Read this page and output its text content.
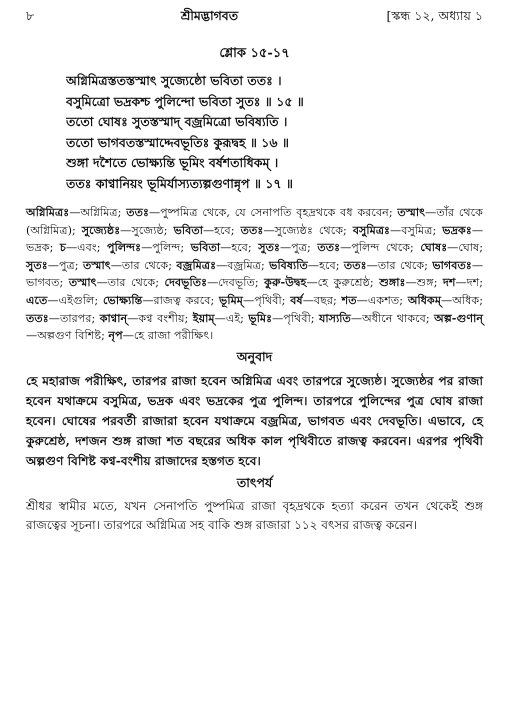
৮	শ্রীমদ্ভাগবত	[স্কন্ধ ১২, অধ্যায় ১
শ্লোক ১৫-১৭
অগ্নিমিত্রস্ততস্তস্মাৎ সুজ্যেষ্ঠো ভবিতা ততঃ ।
বসুমিত্রো ভদ্রকশ্চ পুলিন্দো ভবিতা সুতঃ ॥ ১৫ ॥
ততো ঘোষঃ সুতস্তস্মাদ্ বজ্রমিত্রো ভবিষ্যতি ।
ততো ভাগবতস্তস্মাদ্দেবভূতিঃ কুরূদ্বহ ॥ ১৬ ॥
শুঙ্গা দশৈতে ভোক্ষ্যন্তি ভূমিং বর্ষশতাধিকম্ ।
ততঃ কাণ্বানিয়ং ভূমির্যাস্যত্যল্পগুণান্নৃপ ॥ ১৭ ॥
অগ্নিমিত্রঃ—অগ্নিমিত্র; ততঃ—পুষ্পমিত্র থেকে, যে সেনাপতি বৃহদ্রথকে বধ করবেন; তস্মাৎ—তাঁর থেকে (অগ্নিমিত্র); সুজ্যেষ্ঠঃ—সুজ্যেষ্ঠ; ভবিতা—হবে; ততঃ—সুজ্যেষ্ঠঃ থেকে; বসুমিত্রঃ—বসুমিত্র; ভদ্রকঃ—ভদ্রক; চ—এবং; পুলিন্দঃ—পুলিন্দ; ভবিতা—হবে; সুতঃ—পুত্র; ততঃ—পুলিন্দ থেকে; ঘোষঃ—ঘোষ; সুতঃ—পুত্র; তস্মাৎ—তার থেকে; বজ্রমিত্রঃ—বজ্রমিত্র; ভবিষ্যতি—হবে; ততঃ—তার থেকে; ভাগবতঃ—ভাগবত; তস্মাৎ—তার থেকে; দেবভূতিঃ—দেবভূতি; কুরু-উদ্বহ—হে কুরুশ্রেষ্ঠ; শুঙ্গাঃ—শুঙ্গ; দশ—দশ; এতে—এইগুলি; ভোক্ষ্যন্তি—রাজত্ব করবে; ভূমিম্—পৃথিবী; বর্ষ—বছর; শত—একশত; অধিকম্—অধিক; ততঃ—তারপর; কাণ্বান্—কণ্ব বংশীয়; ইয়াম্—এই; ভূমিঃ—পৃথিবী; যাস্যতি—অধীনে থাকবে; অল্প-গুণান্—অল্পগুণ বিশিষ্ট; নৃপ—হে রাজা পরীক্ষিৎ।
অনুবাদ
হে মহারাজ পরীক্ষিৎ, তারপর রাজা হবেন অগ্নিমিত্র এবং তারপরে সুজ্যেষ্ঠ। সুজ্যেষ্ঠর পর রাজা হবেন যথাক্রমে বসুমিত্র, ভদ্রক এবং ভদ্রকের পুত্র পুলিন্দ। তারপরে পুলিন্দের পুত্র ঘোষ রাজা হবেন। ঘোষের পরবর্তী রাজারা হবেন যথাক্রমে বজ্রমিত্র, ভাগবত এবং দেবভূতি। এভাবে, হে কুরুশ্রেষ্ঠ, দশজন শুঙ্গ রাজা শত বছরের অধিক কাল পৃথিবীতে রাজত্ব করবেন। এরপর পৃথিবী অল্পগুণ বিশিষ্ট কণ্ব-বংশীয় রাজাদের হস্তগত হবে।
তাৎপর্য
শ্রীধর স্বামীর মতে, যখন সেনাপতি পুষ্পমিত্র রাজা বৃহদ্রথকে হত্যা করেন তখন থেকেই শুঙ্গ রাজত্বের সূচনা। তারপরে অগ্নিমিত্র সহ বাকি শুঙ্গ রাজারা ১১২ বৎসর রাজত্ব করেন।
